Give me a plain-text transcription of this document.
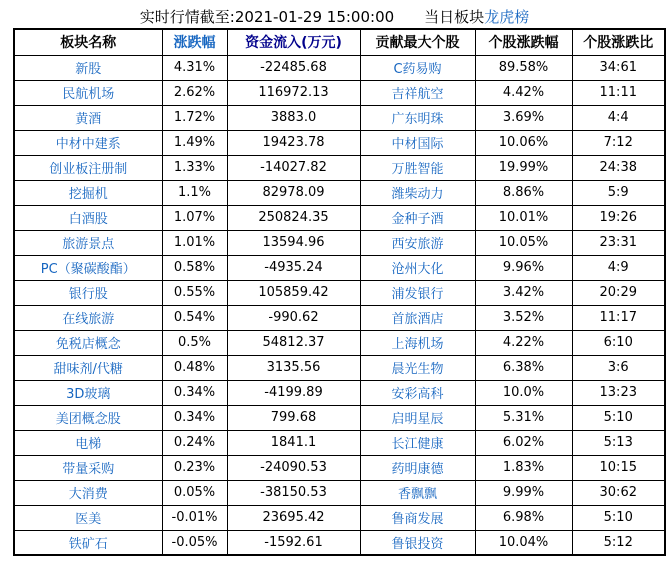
实时行情截至:2021-01-29 15:00:00 当日板块龙虎榜
板块名称	涨跌幅	资金流入(万元)	贡献最大个股	个股涨跌幅	个股涨跌比
新股	4.31%	-22485.68	C药易购	89.58%	34:61
民航机场	2.62%	116972.13	吉祥航空	4.42%	11:11
黄酒	1.72%	3883.0	广东明珠	3.69%	4:4
中材中建系	1.49%	19423.78	中材国际	10.06%	7:12
创业板注册制	1.33%	-14027.82	万胜智能	19.99%	24:38
挖掘机	1.1%	82978.09	潍柴动力	8.86%	5:9
白酒股	1.07%	250824.35	金种子酒	10.01%	19:26
旅游景点	1.01%	13594.96	西安旅游	10.05%	23:31
PC（聚碳酸酯）	0.58%	-4935.24	沧州大化	9.96%	4:9
银行股	0.55%	105859.42	浦发银行	3.42%	20:29
在线旅游	0.54%	-990.62	首旅酒店	3.52%	11:17
免税店概念	0.5%	54812.37	上海机场	4.22%	6:10
甜味剂/代糖	0.48%	3135.56	晨光生物	6.38%	3:6
3D玻璃	0.34%	-4199.89	安彩高科	10.0%	13:23
美团概念股	0.34%	799.68	启明星辰	5.31%	5:10
电梯	0.24%	1841.1	长江健康	6.02%	5:13
带量采购	0.23%	-24090.53	药明康德	1.83%	10:15
大消费	0.05%	-38150.53	香飘飘	9.99%	30:62
医美	-0.01%	23695.42	鲁商发展	6.98%	5:10
铁矿石	-0.05%	-1592.61	鲁银投资	10.04%	5:12
